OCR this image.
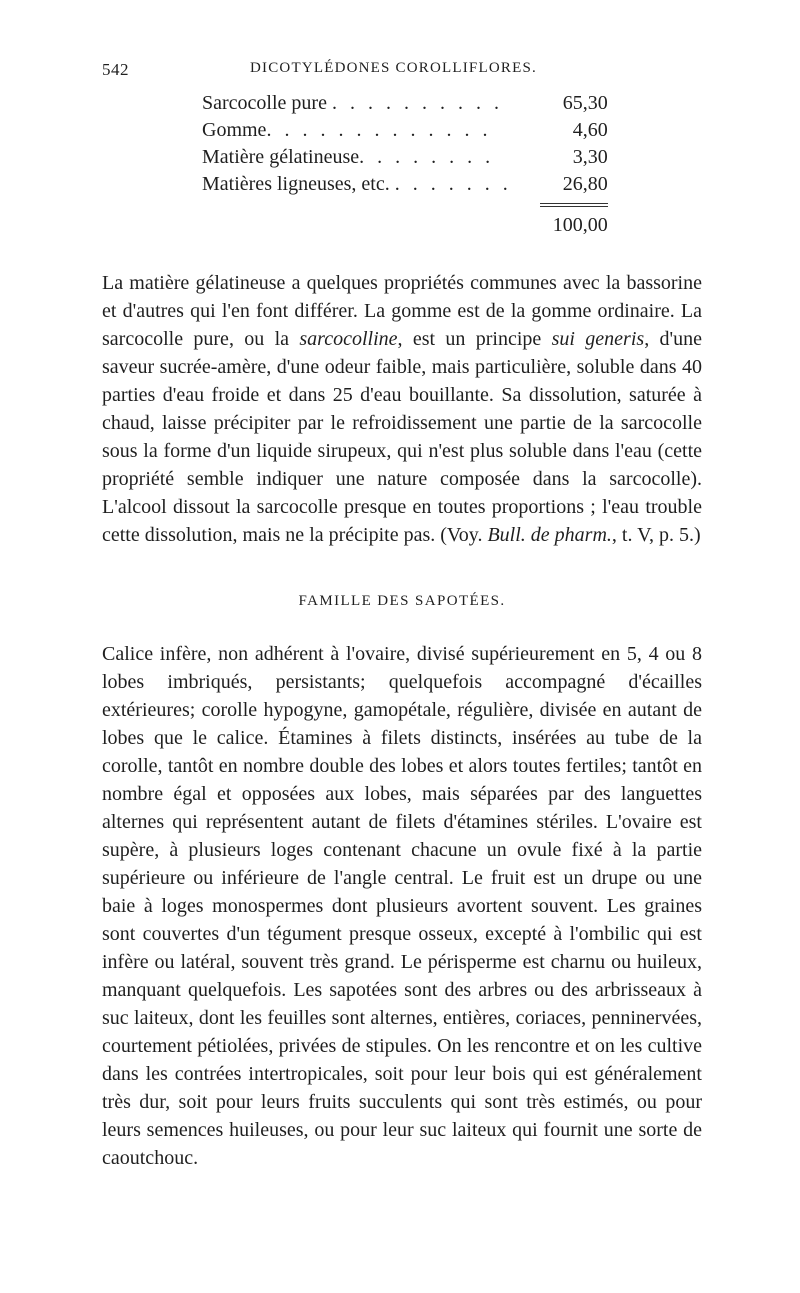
542	DICOTYLÉDONES COROLLIFLORES.
Sarcocolle pure . . . . . . . . . .	65,30
Gomme. . . . . . . . . . . . .	4,60
Matière gélatineuse. . . . . . . .	3,30
Matières ligneuses, etc. . . . . . . .	26,80

	100,00

La matière gélatineuse a quelques propriétés communes avec la bassorine et d'autres qui l'en font différer. La gomme est de la gomme ordinaire. La sarcocolle pure, ou la sarcocolline, est un principe sui generis, d'une saveur sucrée-amère, d'une odeur faible, mais particulière, soluble dans 40 parties d'eau froide et dans 25 d'eau bouillante. Sa dissolution, saturée à chaud, laisse précipiter par le refroidissement une partie de la sarcocolle sous la forme d'un liquide sirupeux, qui n'est plus soluble dans l'eau (cette propriété semble indiquer une nature composée dans la sarcocolle). L'alcool dissout la sarcocolle presque en toutes proportions ; l'eau trouble cette dissolution, mais ne la précipite pas. (Voy. Bull. de pharm., t. V, p. 5.)

FAMILLE DES SAPOTÉES.

Calice infère, non adhérent à l'ovaire, divisé supérieurement en 5, 4 ou 8 lobes imbriqués, persistants; quelquefois accompagné d'écailles extérieures; corolle hypogyne, gamopétale, régulière, divisée en autant de lobes que le calice. Étamines à filets distincts, insérées au tube de la corolle, tantôt en nombre double des lobes et alors toutes fertiles; tantôt en nombre égal et opposées aux lobes, mais séparées par des languettes alternes qui représentent autant de filets d'étamines stériles. L'ovaire est supère, à plusieurs loges contenant chacune un ovule fixé à la partie supérieure ou inférieure de l'angle central. Le fruit est un drupe ou une baie à loges monospermes dont plusieurs avortent souvent. Les graines sont couvertes d'un tégument presque osseux, excepté à l'ombilic qui est infère ou latéral, souvent très grand. Le périsperme est charnu ou huileux, manquant quelquefois. Les sapotées sont des arbres ou des arbrisseaux à suc laiteux, dont les feuilles sont alternes, entières, coriaces, penninervées, courtement pétiolées, privées de stipules. On les rencontre et on les cultive dans les contrées intertropicales, soit pour leur bois qui est généralement très dur, soit pour leurs fruits succulents qui sont très estimés, ou pour leurs semences huileuses, ou pour leur suc laiteux qui fournit une sorte de caoutchouc.
